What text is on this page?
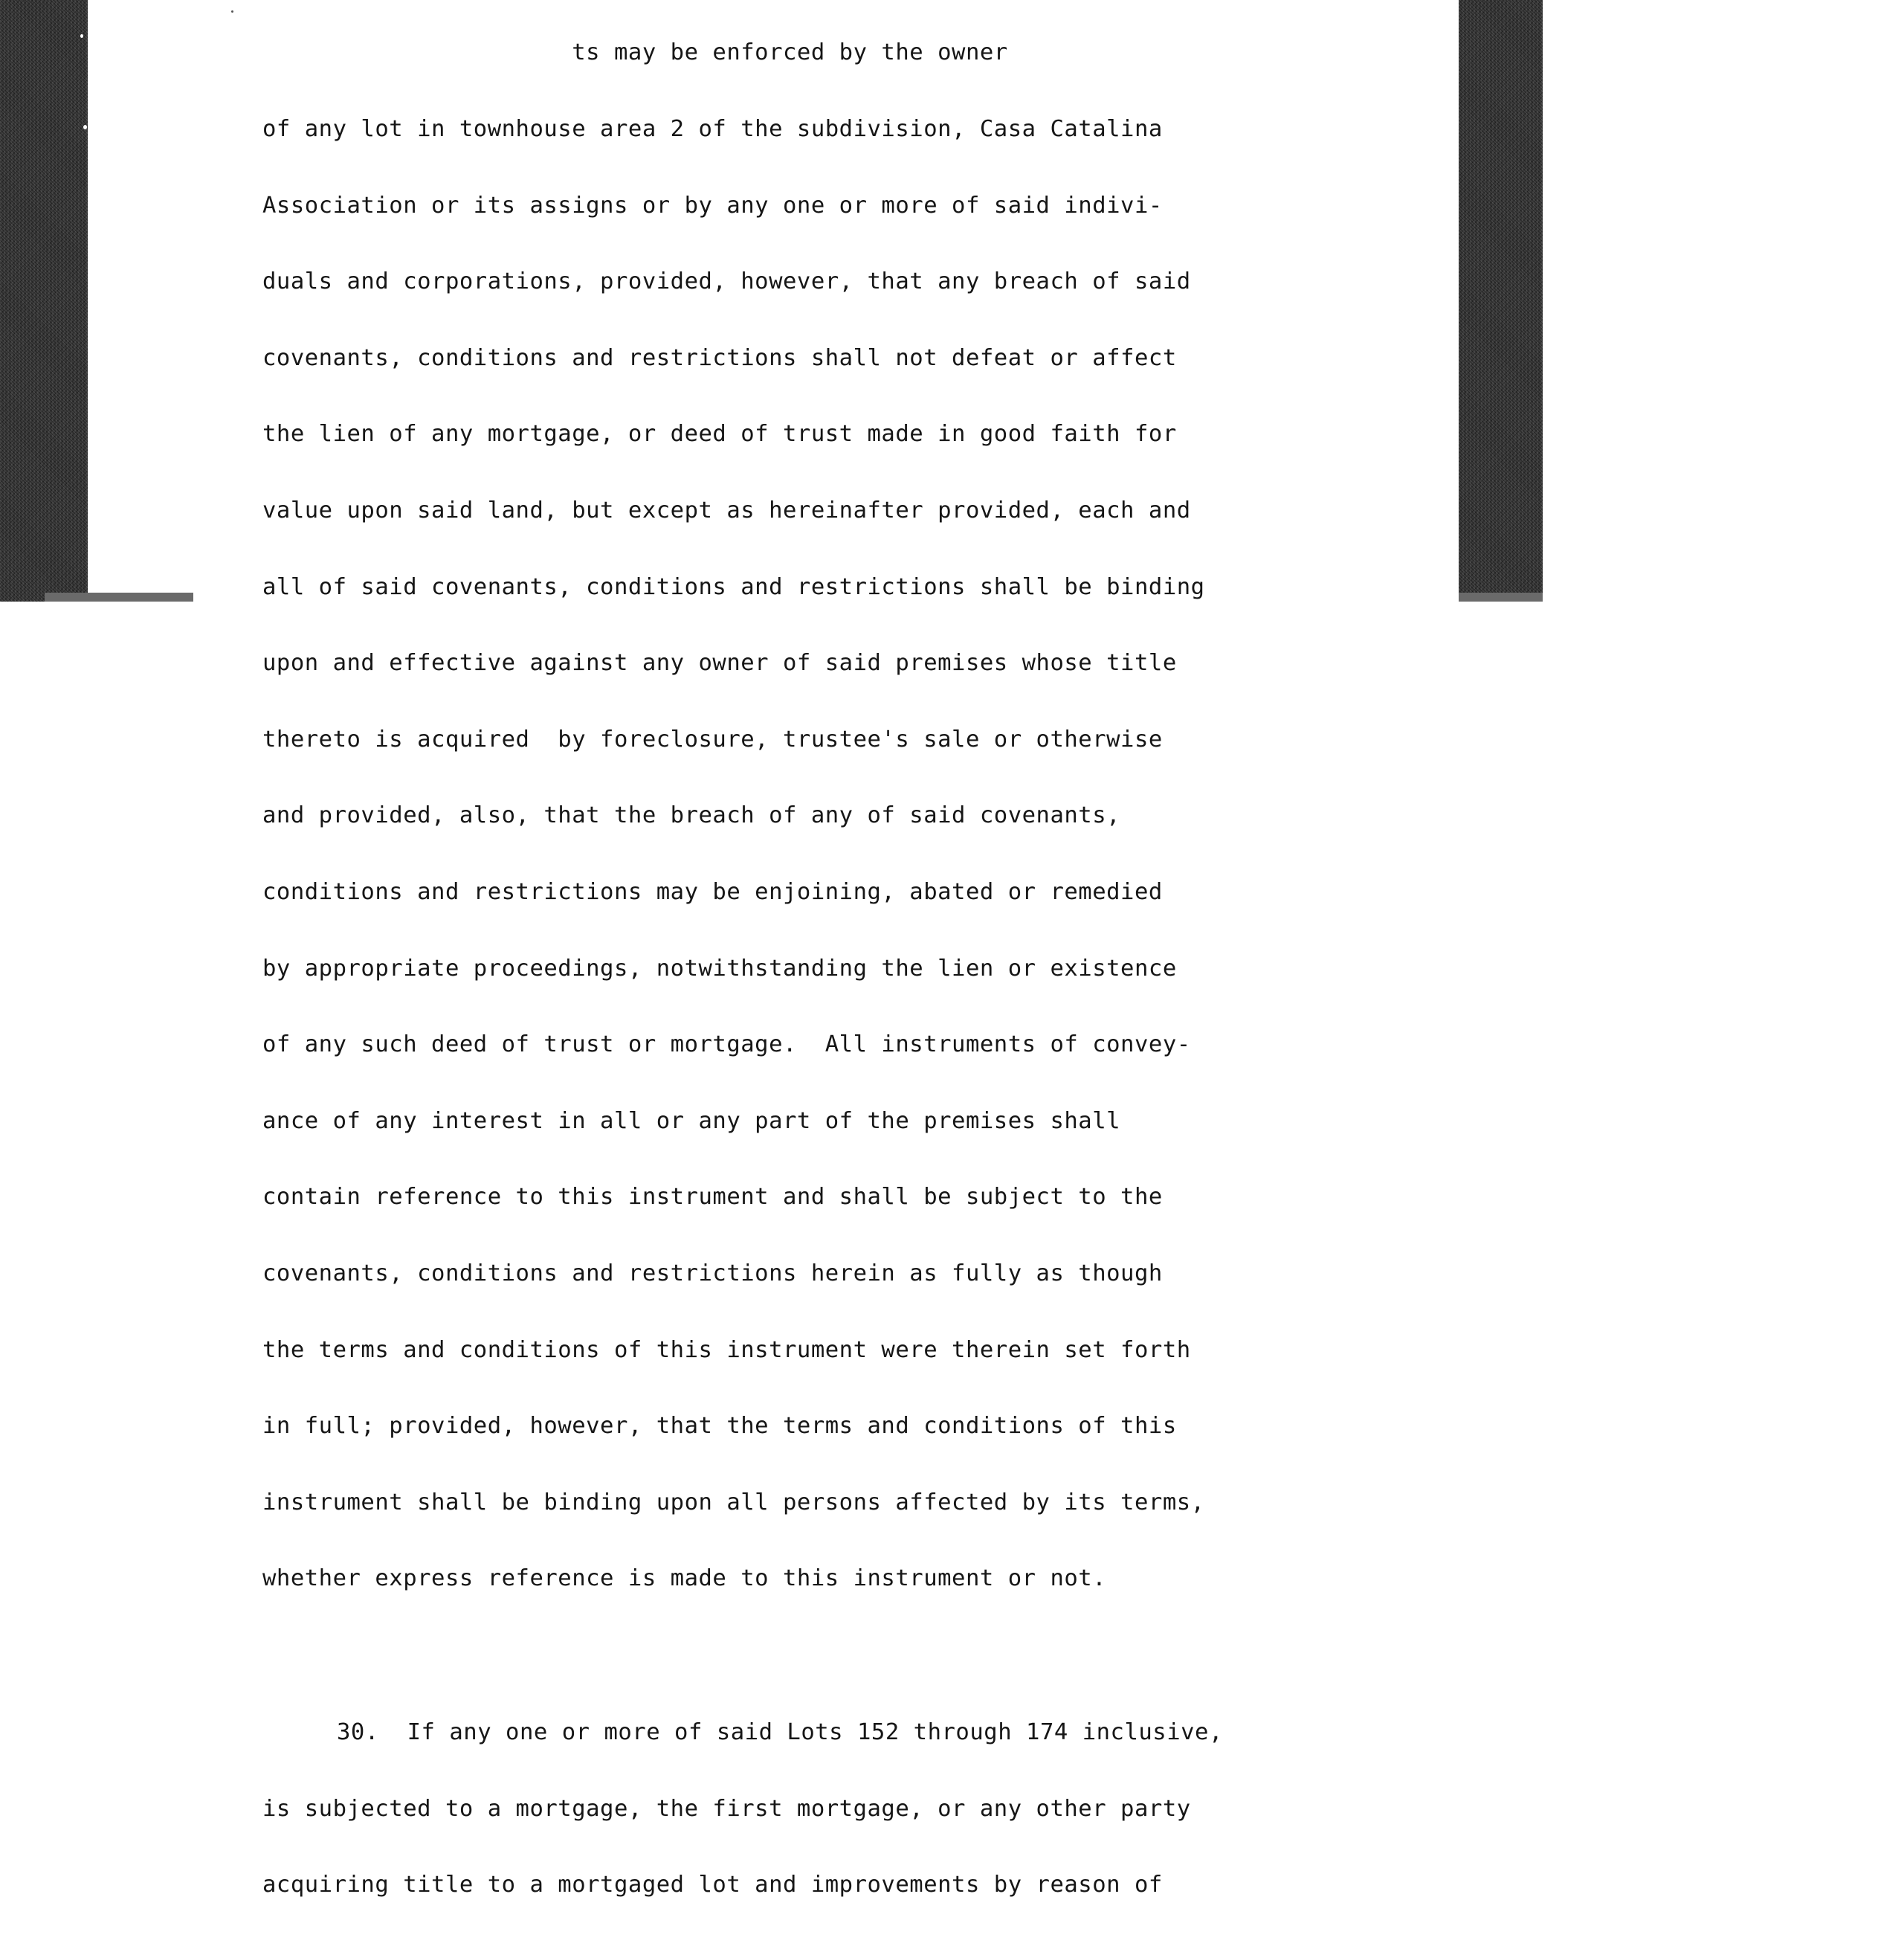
ts may be enforced by the owner

of any lot in townhouse area 2 of the subdivision, Casa Catalina

Association or its assigns or by any one or more of said indivi-

duals and corporations, provided, however, that any breach of said

covenants, conditions and restrictions shall not defeat or affect

the lien of any mortgage, or deed of trust made in good faith for

value upon said land, but except as hereinafter provided, each and

all of said covenants, conditions and restrictions shall be binding

upon and effective against any owner of said premises whose title

thereto is acquired  by foreclosure, trustee's sale or otherwise

and provided, also, that the breach of any of said covenants,

conditions and restrictions may be enjoining, abated or remedied

by appropriate proceedings, notwithstanding the lien or existence

of any such deed of trust or mortgage.  All instruments of convey-

ance of any interest in all or any part of the premises shall

contain reference to this instrument and shall be subject to the

covenants, conditions and restrictions herein as fully as though

the terms and conditions of this instrument were therein set forth

in full; provided, however, that the terms and conditions of this

instrument shall be binding upon all persons affected by its terms,

whether express reference is made to this instrument or not.

30.  If any one or more of said Lots 152 through 174 inclusive,

is subjected to a mortgage, the first mortgage, or any other party

acquiring title to a mortgaged lot and improvements by reason of
